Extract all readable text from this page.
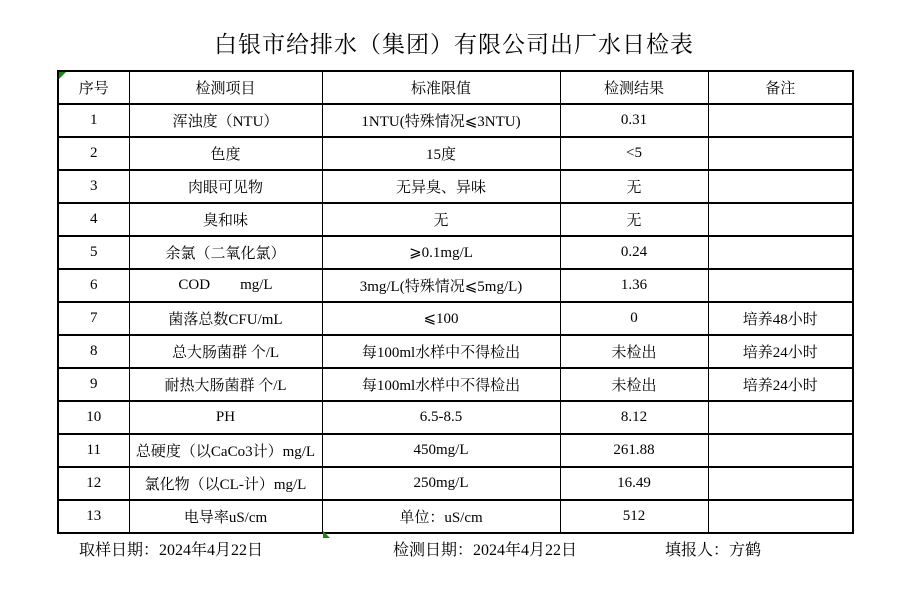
白银市给排水（集团）有限公司出厂水日检表
序号	检测项目	标准限值	检测结果	备注
1	浑浊度（NTU）	1NTU(特殊情况⩽3NTU)	0.31	
2	色度	15度	<5	
3	肉眼可见物	无异臭、异味	无	
4	臭和味	无	无	
5	余氯（二氧化氯）	⩾0.1mg/L	0.24	
6	COD        mg/L	3mg/L(特殊情况⩽5mg/L)	1.36	
7	菌落总数CFU/mL	⩽100	0	培养48小时
8	总大肠菌群 个/L	每100ml水样中不得检出	未检出	培养24小时
9	耐热大肠菌群 个/L	每100ml水样中不得检出	未检出	培养24小时
10	PH	6.5-8.5	8.12	
11	总硬度（以CaCo3计）mg/L	450mg/L	261.88	
12	氯化物（以CL-计）mg/L	250mg/L	16.49	
13	电导率uS/cm	单位：uS/cm	512	
取样日期：2024年4月22日	检测日期：2024年4月22日	填报人：方鹤
